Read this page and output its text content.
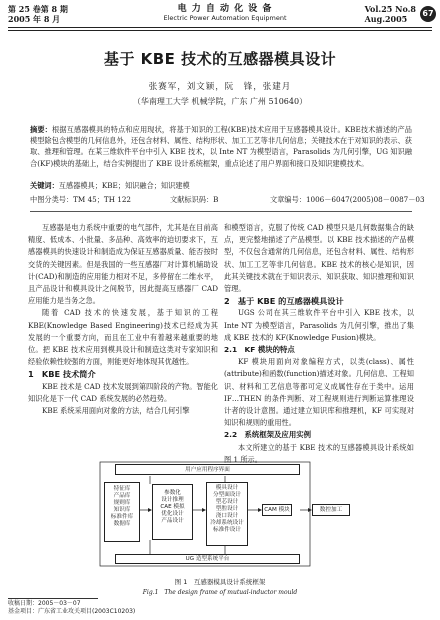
第 25 卷第 8 期
2005 年 8 月
电 力 自 动 化 设 备
Electric Power Automation Equipment
Vol.25 No.8
Aug.2005
67
基于 KBE 技术的互感器模具设计
张赛军，刘文颖，阮　锋，张建月
（华南理工大学 机械学院，广东 广州 510640）
摘要：根据互感器模具的特点和应用现状，将基于知识的工程(KBE)技术应用于互感器模具设计。KBE技术描述的产品模型除包含模型的几何信息外，还包含材料、属性、结构形状、加工工艺等非几何信息；关键技术在于对知识的表示、获取、推理和管理。在某三维软件平台中引入 KBE 技术，以 Inte NT 为模型语言，Parasolids 为几何引擎，UG 知识融合(KF)模块的基础上，结合实例提出了 KBE 设计系统框架，重点论述了用户界面和接口及知识建模技术。
关键词：互感器模具；KBE；知识融合；知识建模
中图分类号：TM 45；TH 122	文献标识码：B	文章编号：1006－6047(2005)08－0087－03

互感器是电力系统中重要的电气部件，尤其是在目前高精度、低成本、小批量、多品种、高效率的迫切要求下，互感器模具的快速设计和制造成为保证互感器质量、能否按时交货的关键因素。但是我国的一些互感器厂对计算机辅助设计(CAD)和制造的应用能力相对不足，多停留在二维水平，且产品设计和模具设计之间脱节，因此提高互感器厂 CAD 应用能力是当务之急。

随着 CAD 技术的快速发展，基于知识的工程 KBE(Knowledge Based Engineering)技术已经成为其发展的一个重要方向，而且在工业中有着越来越重要的地位。把 KBE 技术应用到模具设计和制造这类对专家知识和经验依赖性较强的方面，则能更好地体现其优越性。

1　KBE 技术简介

KBE 技术是 CAD 技术发展到第四阶段的产物。智能化知识化是下一代 CAD 系统发展的必然趋势。

KBE 系统采用面向对象的方法，结合几何引擎

和模型语言，克服了传统 CAD 模型只是几何数据集合的缺点，更完整地描述了产品模型。以 KBE 技术描述的产品模型，不仅包含通常的几何信息，还包含材料、属性、结构形状、加工工艺等非几何信息。KBE 技术的核心是知识，因此其关键技术就在于知识表示、知识获取、知识推理和知识管理。

2　基于 KBE 的互感器模具设计

UGS 公司在其三维软件平台中引入 KBE 技术，以 Inte NT 为模型语言，Parasolids 为几何引擎，推出了集成 KBE 技术的 KF(Knowledge Fusion)模块。

2.1　KF 模块的特点

KF 模块用面向对象编程方式，以类(class)、属性(attribute)和函数(function)描述对象。几何信息、工程知识、材料和工艺信息等都可定义成属性存在于类中。运用 IF…THEN 的条件判断、对工程规则进行判断运算推理设计者的设计意图。通过建立知识库和推理机，KF 可实现对知识和规则的重用性。

2.2　系统框架及应用实例

本文所建立的基于 KBE 技术的互感器模具设计系统如图 1 所示。

用户应用程序界面
特征库
产品库
规则库
知识库
标准件库
数据库
参数化
设计推理
CAE 模拟
优化设计
产品设计
模具设计
分型面设计
型芯设计
型腔设计
浇口设计
冷却系统设计
标准件设计
CAM 模块	数控加工
UG 造型系统平台
图 1　互感器模具设计系统框架
Fig.1　The design frame of mutual-inductor mould
收稿日期：2005－03－07
基金项目：广东省工业攻关项目(2003C10203)
